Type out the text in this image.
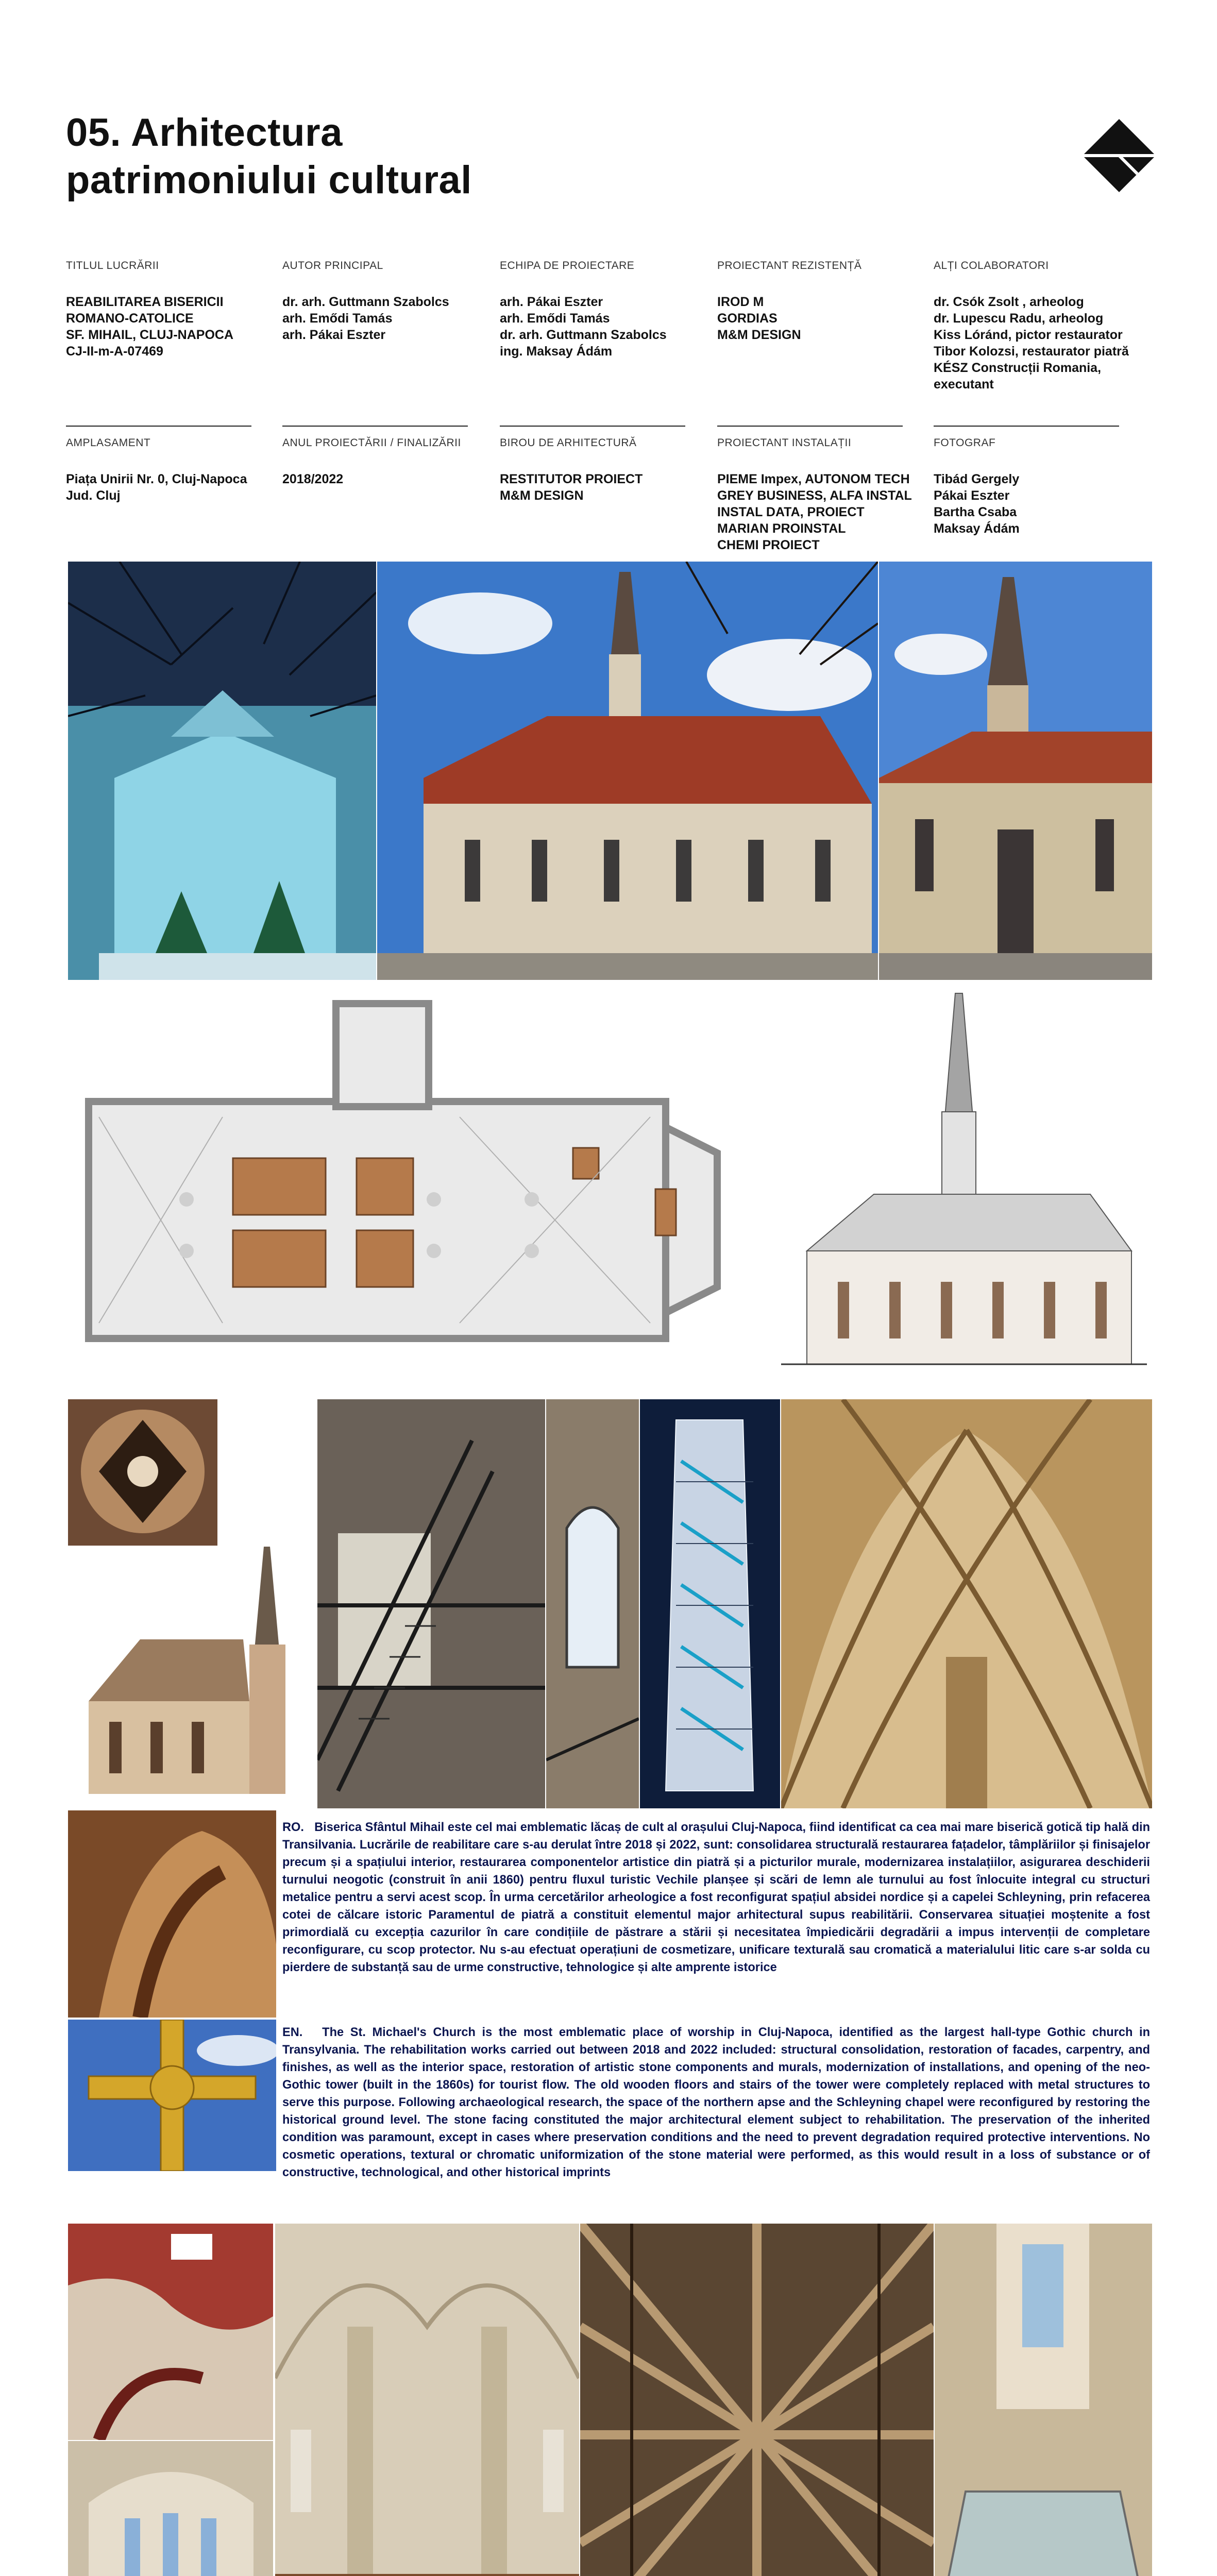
05. Arhitectura
patrimoniului cultural
TITLUL LUCRĂRII
REABILITAREA BISERICII
ROMANO-CATOLICE
SF. MIHAIL, CLUJ-NAPOCA
CJ-II-m-A-07469
AUTOR PRINCIPAL
dr. arh. Guttmann Szabolcs
arh. Emődi Tamás
arh. Pákai Eszter
ECHIPA DE PROIECTARE
arh. Pákai Eszter
arh. Emődi Tamás
dr. arh. Guttmann Szabolcs
ing. Maksay Ádám
PROIECTANT REZISTENȚĂ
IROD M
GORDIAS
M&M DESIGN
ALȚI COLABORATORI
dr. Csók Zsolt , arheolog
dr. Lupescu Radu, arheolog
Kiss Lóránd, pictor restaurator
Tibor Kolozsi, restaurator piatră
KÉSZ Construcții Romania,
executant
AMPLASAMENT
Piața Unirii Nr. 0, Cluj-Napoca
Jud. Cluj
ANUL PROIECTĂRII / FINALIZĂRII
2018/2022
BIROU DE ARHITECTURĂ
RESTITUTOR PROIECT
M&M DESIGN
PROIECTANT INSTALAȚII
PIEME Impex, AUTONOM TECH
GREY BUSINESS, ALFA INSTAL
INSTAL DATA, PROIECT
MARIAN PROINSTAL
CHEMI PROIECT
FOTOGRAF
Tibád Gergely
Pákai Eszter
Bartha Csaba
Maksay Ádám
RO. Biserica Sfântul Mihail este cel mai emblematic lăcaș de cult al orașului Cluj-Napoca, fiind identificat ca cea mai mare biserică gotică tip hală din Transilvania. Lucrările de reabilitare care s-au derulat între 2018 și 2022, sunt: consolidarea structurală restaurarea fațadelor, tâmplăriilor și finisajelor precum și a spațiului interior, restaurarea componentelor artistice din piatră și a picturilor murale, modernizarea instalațiilor, asigurarea deschiderii turnului neogotic (construit în anii 1860) pentru fluxul turistic Vechile planșee și scări de lemn ale turnului au fost înlocuite integral cu structuri metalice pentru a servi acest scop. În urma cercetărilor arheologice a fost reconfigurat spațiul absidei nordice și a capelei Schleyning, prin refacerea cotei de călcare istoric Paramentul de piatră a constituit elementul major arhitectural supus reabilitării. Conservarea situației moștenite a fost primordială cu excepția cazurilor în care condițiile de păstrare a stării și necesitatea împiedicării degradării a impus intervenții de completare reconfigurare, cu scop protector. Nu s-au efectuat operațiuni de cosmetizare, unificare texturală sau cromatică a materialului litic care s-ar solda cu pierdere de substanță sau de urme constructive, tehnologice și alte amprente istorice
EN. The St. Michael's Church is the most emblematic place of worship in Cluj-Napoca, identified as the largest hall-type Gothic church in Transylvania. The rehabilitation works carried out between 2018 and 2022 included: structural consolidation, restoration of facades, carpentry, and finishes, as well as the interior space, restoration of artistic stone components and murals, modernization of installations, and opening of the neo-Gothic tower (built in the 1860s) for tourist flow. The old wooden floors and stairs of the tower were completely replaced with metal structures to serve this purpose. Following archaeological research, the space of the northern apse and the Schleyning chapel were reconfigured by restoring the historical ground level. The stone facing constituted the major architectural element subject to rehabilitation. The preservation of the inherited condition was paramount, except in cases where preservation conditions and the need to prevent degradation required protective interventions. No cosmetic operations, textural or chromatic uniformization of the stone material were performed, as this would result in a loss of substance or of constructive, technological, and other historical imprints
